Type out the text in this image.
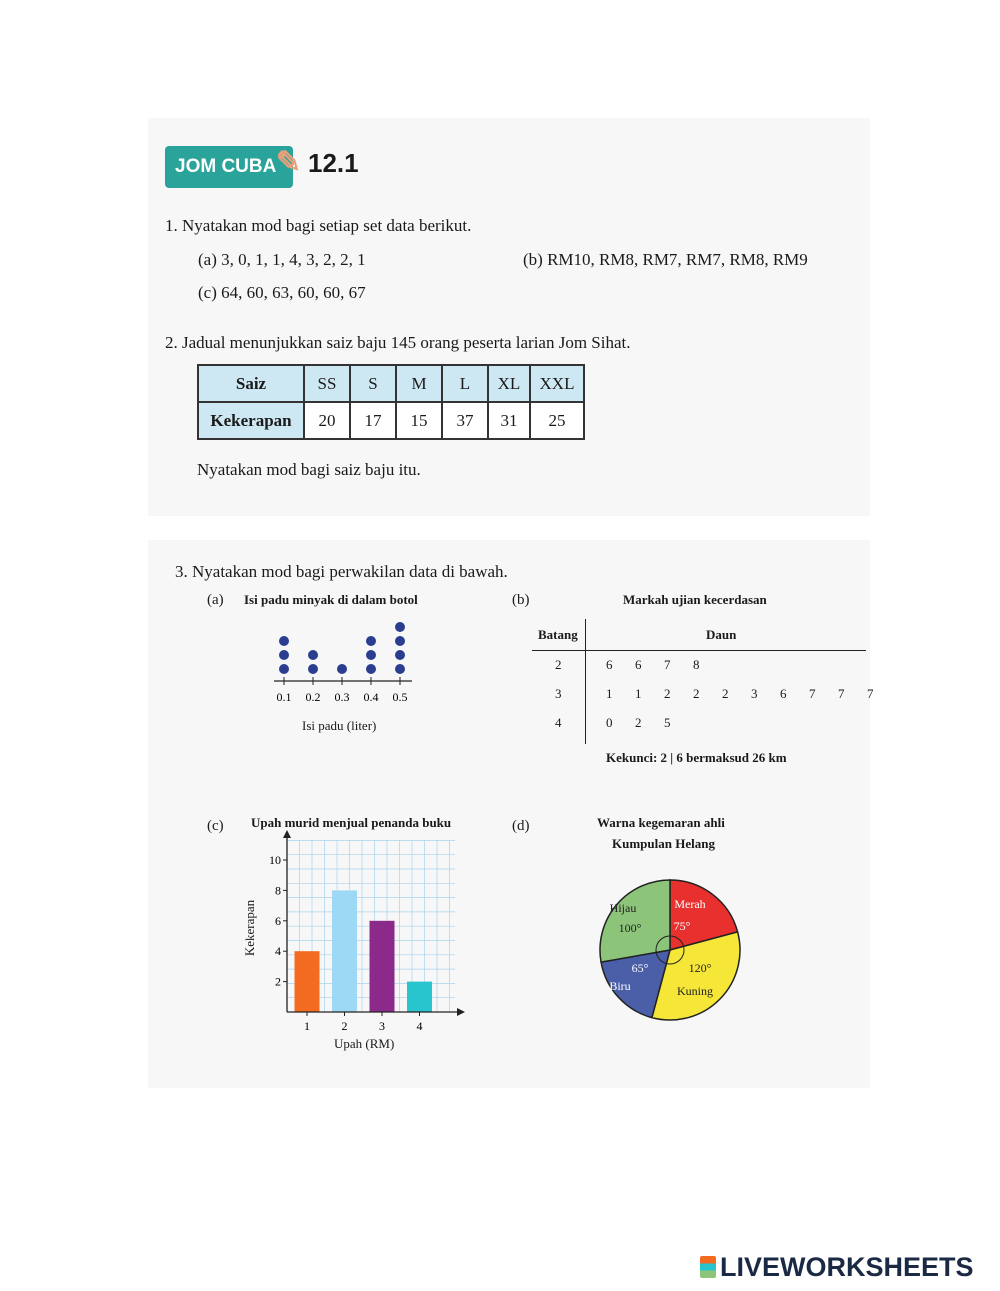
JOM CUBA ✎ 12.1
1. Nyatakan mod bagi setiap set data berikut.
(a) 3, 0, 1, 1, 4, 3, 2, 2, 1	(b) RM10, RM8, RM7, RM7, RM8, RM9
(c) 64, 60, 63, 60, 60, 67
2. Jadual menunjukkan saiz baju 145 orang peserta larian Jom Sihat.
Saiz	SS	S	M	L	XL	XXL
Kekerapan	20	17	15	37	31	25
Nyatakan mod bagi saiz baju itu.
3. Nyatakan mod bagi perwakilan data di bawah.
(a) Isi padu minyak di dalam botol
0.1 0.2 0.3 0.4 0.5
Isi padu (liter)
(b)	Markah ujian kecerdasan
Batang	Daun
2	6 6 7 8
3	1 1 2 2 2 3 6 7 7 7
4	0 2 5
Kekunci: 2 | 6 bermaksud 26 km
(c) Upah murid menjual penanda buku
1	2	3	4
2
4
6
8
10
Kekerapan
Upah (RM)
(d)	Warna kegemaran ahli
Kumpulan Helang
Merah
75°
Kuning
120°
Biru
65°
Hijau
100°
LIVEWORKSHEETS
